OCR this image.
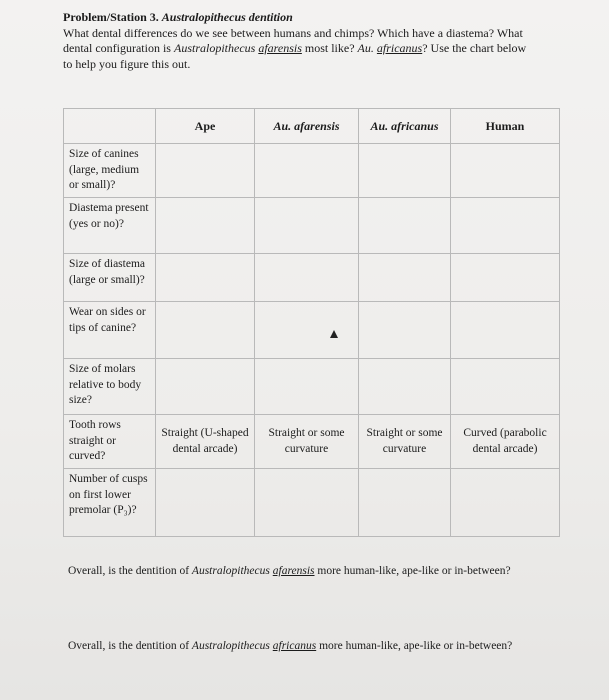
Problem/Station 3. Australopithecus dentition

What dental differences do we see between humans and chimps? Which have a diastema? What

dental configuration is Australopithecus afarensis most like? Au. africanus? Use the chart below

to help you figure this out.

	Ape	Au. afarensis	Au. africanus	Human
Size of canines (large, medium or small)?				
Diastema present (yes or no)?				
Size of diastema (large or small)?				
Wear on sides or tips of canine?				
Size of molars relative to body size?				
Tooth rows straight or curved?	Straight (U-shaped dental arcade)	Straight or some curvature	Straight or some curvature	Curved (parabolic dental arcade)
Number of cusps on first lower premolar (P₃)?				
Overall, is the dentition of Australopithecus afarensis more human-like, ape-like or in-between?
Overall, is the dentition of Australopithecus africanus more human-like, ape-like or in-between?
